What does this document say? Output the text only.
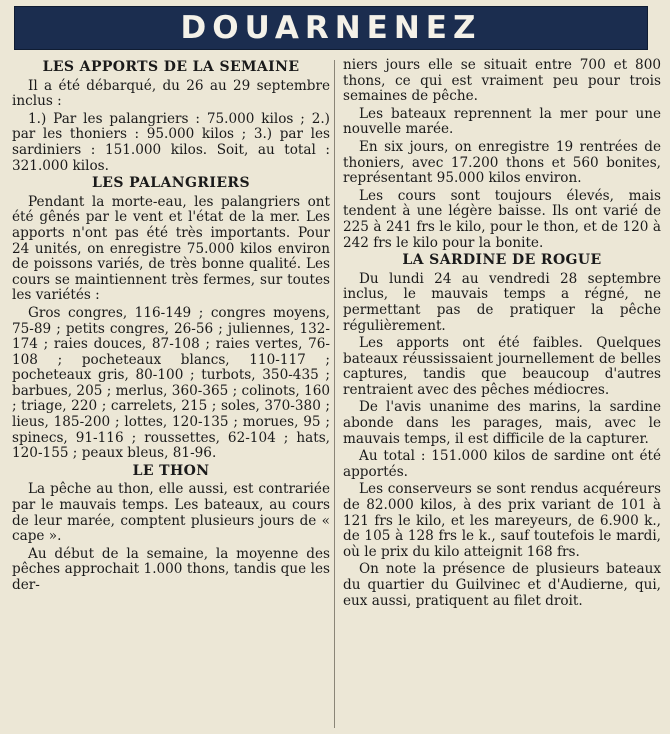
DOUARNENEZ
LES APPORTS DE LA SEMAINE

Il a été débarqué, du 26 au 29 septembre inclus :

1.) Par les palangriers : 75.000 kilos ; 2.) par les thoniers : 95.000 kilos ; 3.) par les sardiniers : 151.000 kilos. Soit, au total : 321.000 kilos.

LES PALANGRIERS

Pendant la morte-eau, les palangriers ont été gênés par le vent et l'état de la mer. Les apports n'ont pas été très importants. Pour 24 unités, on enregistre 75.000 kilos environ de poissons variés, de très bonne qualité. Les cours se maintiennent très fermes, sur toutes les variétés :

Gros congres, 116-149 ; congres moyens, 75-89 ; petits congres, 26-56 ; juliennes, 132-174 ; raies douces, 87-108 ; raies vertes, 76-108 ; pocheteaux blancs, 110-117 ; pocheteaux gris, 80-100 ; turbots, 350-435 ; barbues, 205 ; merlus, 360-365 ; colinots, 160 ; triage, 220 ; carrelets, 215 ; soles, 370-380 ; lieus, 185-200 ; lottes, 120-135 ; morues, 95 ; spinecs, 91-116 ; roussettes, 62-104 ; hats, 120-155 ; peaux bleus, 81-96.

LE THON

La pêche au thon, elle aussi, est contrariée par le mauvais temps. Les bateaux, au cours de leur marée, comptent plusieurs jours de « cape ».

Au début de la semaine, la moyenne des pêches approchait 1.000 thons, tandis que les der-

niers jours elle se situait entre 700 et 800 thons, ce qui est vraiment peu pour trois semaines de pêche.

Les bateaux reprennent la mer pour une nouvelle marée.

En six jours, on enregistre 19 rentrées de thoniers, avec 17.200 thons et 560 bonites, représentant 95.000 kilos environ.

Les cours sont toujours élevés, mais tendent à une légère baisse. Ils ont varié de 225 à 241 frs le kilo, pour le thon, et de 120 à 242 frs le kilo pour la bonite.

LA SARDINE DE ROGUE

Du lundi 24 au vendredi 28 septembre inclus, le mauvais temps a régné, ne permettant pas de pratiquer la pêche régulièrement.

Les apports ont été faibles. Quelques bateaux réussissaient journellement de belles captures, tandis que beaucoup d'autres rentraient avec des pêches médiocres.

De l'avis unanime des marins, la sardine abonde dans les parages, mais, avec le mauvais temps, il est difficile de la capturer.

Au total : 151.000 kilos de sardine ont été apportés.

Les conserveurs se sont rendus acquéreurs de 82.000 kilos, à des prix variant de 101 à 121 frs le kilo, et les mareyeurs, de 6.900 k., de 105 à 128 frs le k., sauf toutefois le mardi, où le prix du kilo atteignit 168 frs.

On note la présence de plusieurs bateaux du quartier du Guilvinec et d'Audierne, qui, eux aussi, pratiquent au filet droit.
